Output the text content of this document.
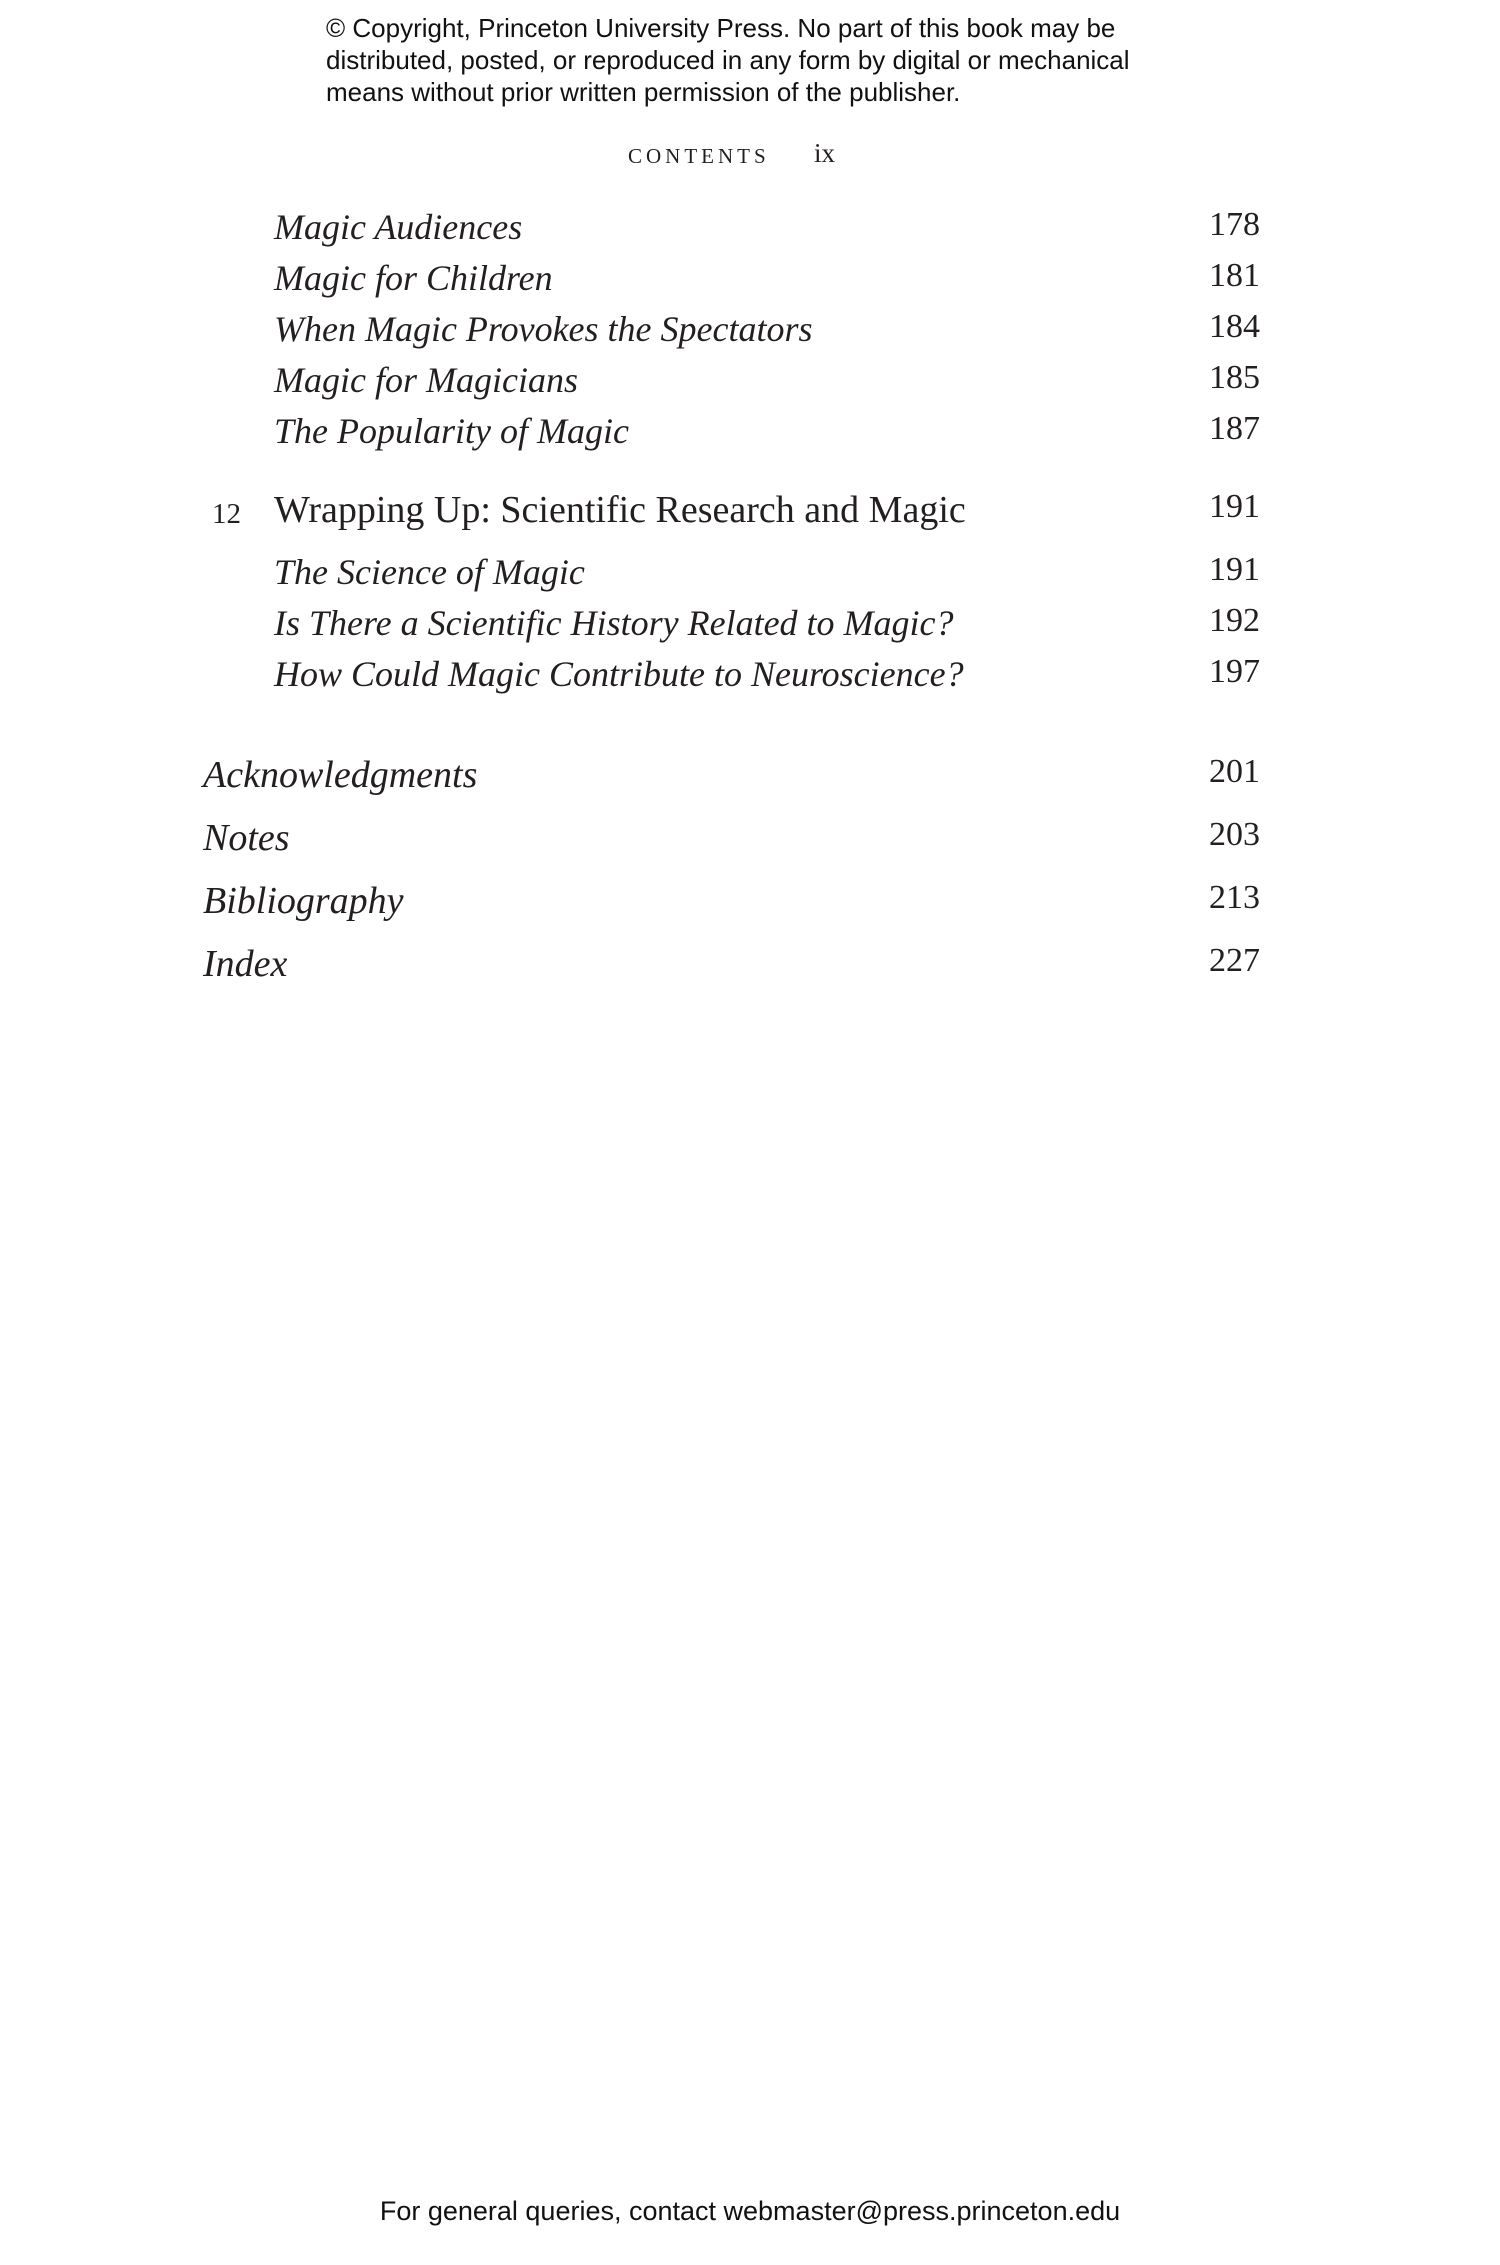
© Copyright, Princeton University Press. No part of this book may be
distributed, posted, or reproduced in any form by digital or mechanical
means without prior written permission of the publisher.
CONTENTS ix
Magic Audiences	178
Magic for Children	181
When Magic Provokes the Spectators	184
Magic for Magicians	185
The Popularity of Magic	187
12 Wrapping Up: Scientific Research and Magic	191
The Science of Magic	191
Is There a Scientific History Related to Magic?	192
How Could Magic Contribute to Neuroscience?	197
Acknowledgments	201
Notes	203
Bibliography	213
Index	227
For general queries, contact webmaster@press.princeton.edu
